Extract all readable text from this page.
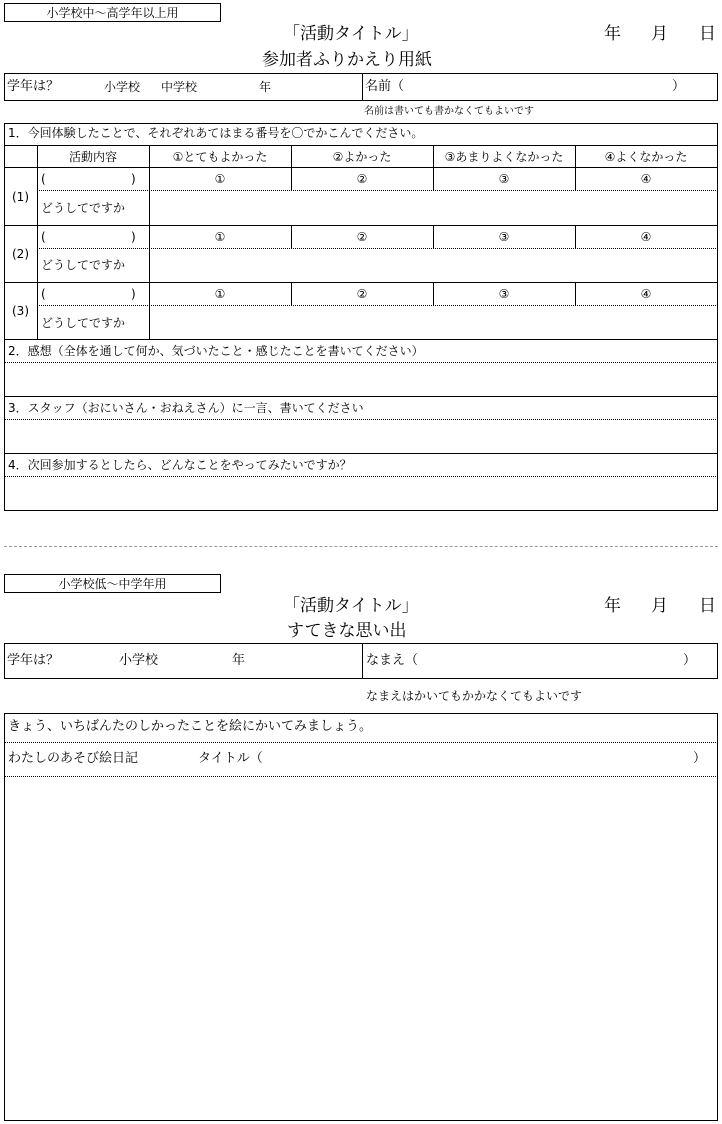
小学校中〜高学年以上用
「活動タイトル」	年 月 日
参加者ふりかえり用紙
学年は？	小学校 中学校	年	名前（	）
名前は書いても書かなくてもよいです
1．今回体験したことで、それぞれあてはまる番号を〇でかこんでください。
活動内容	①とてもよかった	②よかった	③あまりよくなかった	④よくなかった
(1)
(	)	①	②	③	④
どうしてですか
(2)
(	)	①	②	③	④
どうしてですか
(3)
(	)	①	②	③	④
どうしてですか
2．感想（全体を通して何か、気づいたこと・感じたことを書いてください）
3．スタッフ（おにいさん・おねえさん）に一言、書いてください
4．次回参加するとしたら、どんなことをやってみたいですか？
小学校低〜中学年用
「活動タイトル」	年 月 日
すてきな思い出
学年は？	小学校	年	なまえ（	）
なまえはかいてもかかなくてもよいです
きょう、いちばんたのしかったことを絵にかいてみましょう。
わたしのあそび絵日記	タイトル（	）
